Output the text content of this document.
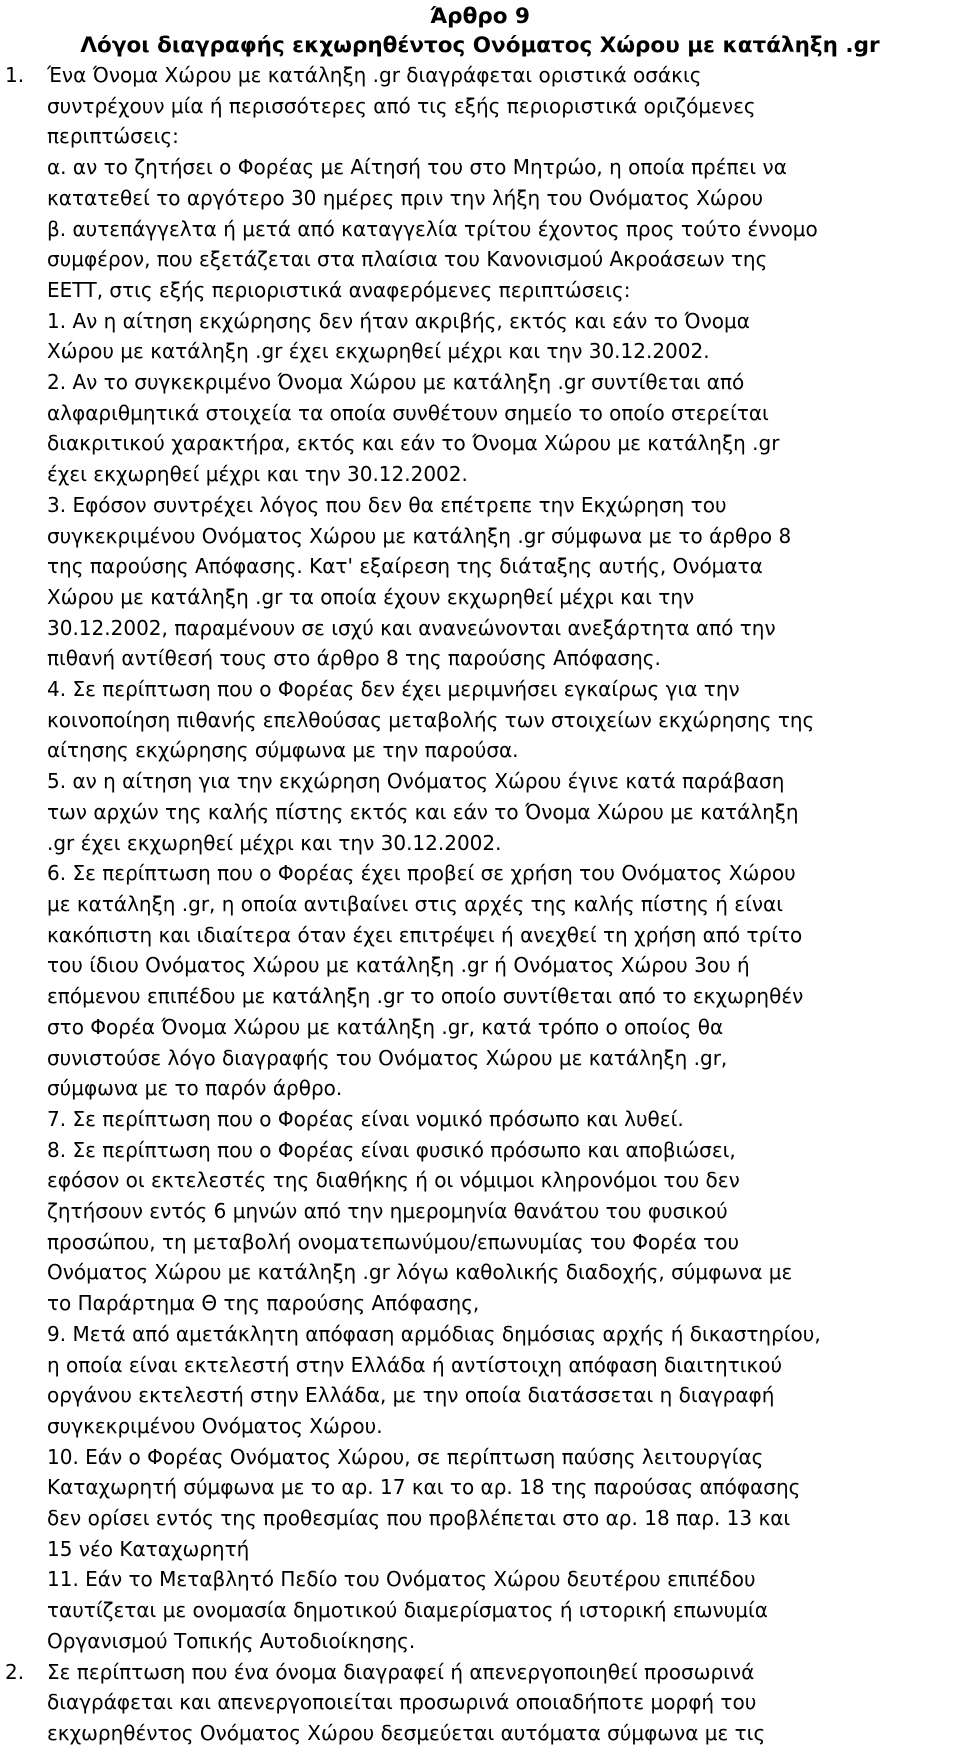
Άρθρο 9
Λόγοι διαγραφής εκχωρηθέντος Ονόματος Χώρου με κατάληξη .gr
1. Ένα Όνομα Χώρου με κατάληξη .gr διαγράφεται οριστικά οσάκις
συντρέχουν μία ή περισσότερες από τις εξής περιοριστικά οριζόμενες
περιπτώσεις:
α. αν το ζητήσει ο Φορέας με Αίτησή του στο Μητρώο, η οποία πρέπει να
κατατεθεί το αργότερο 30 ημέρες πριν την λήξη του Ονόματος Χώρου
β. αυτεπάγγελτα ή μετά από καταγγελία τρίτου έχοντος προς τούτο έννομο
συμφέρον, που εξετάζεται στα πλαίσια του Κανονισμού Ακροάσεων της
ΕΕΤΤ, στις εξής περιοριστικά αναφερόμενες περιπτώσεις:
1. Αν η αίτηση εκχώρησης δεν ήταν ακριβής, εκτός και εάν το Όνομα
Χώρου με κατάληξη .gr έχει εκχωρηθεί μέχρι και την 30.12.2002.
2. Αν το συγκεκριμένο Όνομα Χώρου με κατάληξη .gr συντίθεται από
αλφαριθμητικά στοιχεία τα οποία συνθέτουν σημείο το οποίο στερείται
διακριτικού χαρακτήρα, εκτός και εάν το Όνομα Χώρου με κατάληξη .gr
έχει εκχωρηθεί μέχρι και την 30.12.2002.
3. Εφόσον συντρέχει λόγος που δεν θα επέτρεπε την Εκχώρηση του
συγκεκριμένου Ονόματος Χώρου με κατάληξη .gr σύμφωνα με το άρθρο 8
της παρούσης Απόφασης. Κατ' εξαίρεση της διάταξης αυτής, Ονόματα
Χώρου με κατάληξη .gr τα οποία έχουν εκχωρηθεί μέχρι και την
30.12.2002, παραμένουν σε ισχύ και ανανεώνονται ανεξάρτητα από την
πιθανή αντίθεσή τους στο άρθρο 8 της παρούσης Απόφασης.
4. Σε περίπτωση που ο Φορέας δεν έχει μεριμνήσει εγκαίρως για την
κοινοποίηση πιθανής επελθούσας μεταβολής των στοιχείων εκχώρησης της
αίτησης εκχώρησης σύμφωνα με την παρούσα.
5. αν η αίτηση για την εκχώρηση Ονόματος Χώρου έγινε κατά παράβαση
των αρχών της καλής πίστης εκτός και εάν το Όνομα Χώρου με κατάληξη
.gr έχει εκχωρηθεί μέχρι και την 30.12.2002.
6. Σε περίπτωση που ο Φορέας έχει προβεί σε χρήση του Ονόματος Χώρου
με κατάληξη .gr, η οποία αντιβαίνει στις αρχές της καλής πίστης ή είναι
κακόπιστη και ιδιαίτερα όταν έχει επιτρέψει ή ανεχθεί τη χρήση από τρίτο
του ίδιου Ονόματος Χώρου με κατάληξη .gr ή Ονόματος Χώρου 3ου ή
επόμενου επιπέδου με κατάληξη .gr το οποίο συντίθεται από το εκχωρηθέν
στο Φορέα Όνομα Χώρου με κατάληξη .gr, κατά τρόπο ο οποίος θα
συνιστούσε λόγο διαγραφής του Ονόματος Χώρου με κατάληξη .gr,
σύμφωνα με το παρόν άρθρο.
7. Σε περίπτωση που ο Φορέας είναι νομικό πρόσωπο και λυθεί.
8. Σε περίπτωση που ο Φορέας είναι φυσικό πρόσωπο και αποβιώσει,
εφόσον οι εκτελεστές της διαθήκης ή οι νόμιμοι κληρονόμοι του δεν
ζητήσουν εντός 6 μηνών από την ημερομηνία θανάτου του φυσικού
προσώπου, τη μεταβολή ονοματεπωνύμου/επωνυμίας του Φορέα του
Ονόματος Χώρου με κατάληξη .gr λόγω καθολικής διαδοχής, σύμφωνα με
το Παράρτημα Θ της παρούσης Απόφασης,
9. Μετά από αμετάκλητη απόφαση αρμόδιας δημόσιας αρχής ή δικαστηρίου,
η οποία είναι εκτελεστή στην Ελλάδα ή αντίστοιχη απόφαση διαιτητικού
οργάνου εκτελεστή στην Ελλάδα, με την οποία διατάσσεται η διαγραφή
συγκεκριμένου Ονόματος Χώρου.
10. Εάν ο Φορέας Ονόματος Χώρου, σε περίπτωση παύσης λειτουργίας
Καταχωρητή σύμφωνα με το αρ. 17 και το αρ. 18 της παρούσας απόφασης
δεν ορίσει εντός της προθεσμίας που προβλέπεται στο αρ. 18 παρ. 13 και
15 νέο Καταχωρητή
11. Εάν το Μεταβλητό Πεδίο του Ονόματος Χώρου δευτέρου επιπέδου
ταυτίζεται με ονομασία δημοτικού διαμερίσματος ή ιστορική επωνυμία
Οργανισμού Τοπικής Αυτοδιοίκησης.
2. Σε περίπτωση που ένα όνομα διαγραφεί ή απενεργοποιηθεί προσωρινά
διαγράφεται και απενεργοποιείται προσωρινά οποιαδήποτε μορφή του
εκχωρηθέντος Ονόματος Χώρου δεσμεύεται αυτόματα σύμφωνα με τις
